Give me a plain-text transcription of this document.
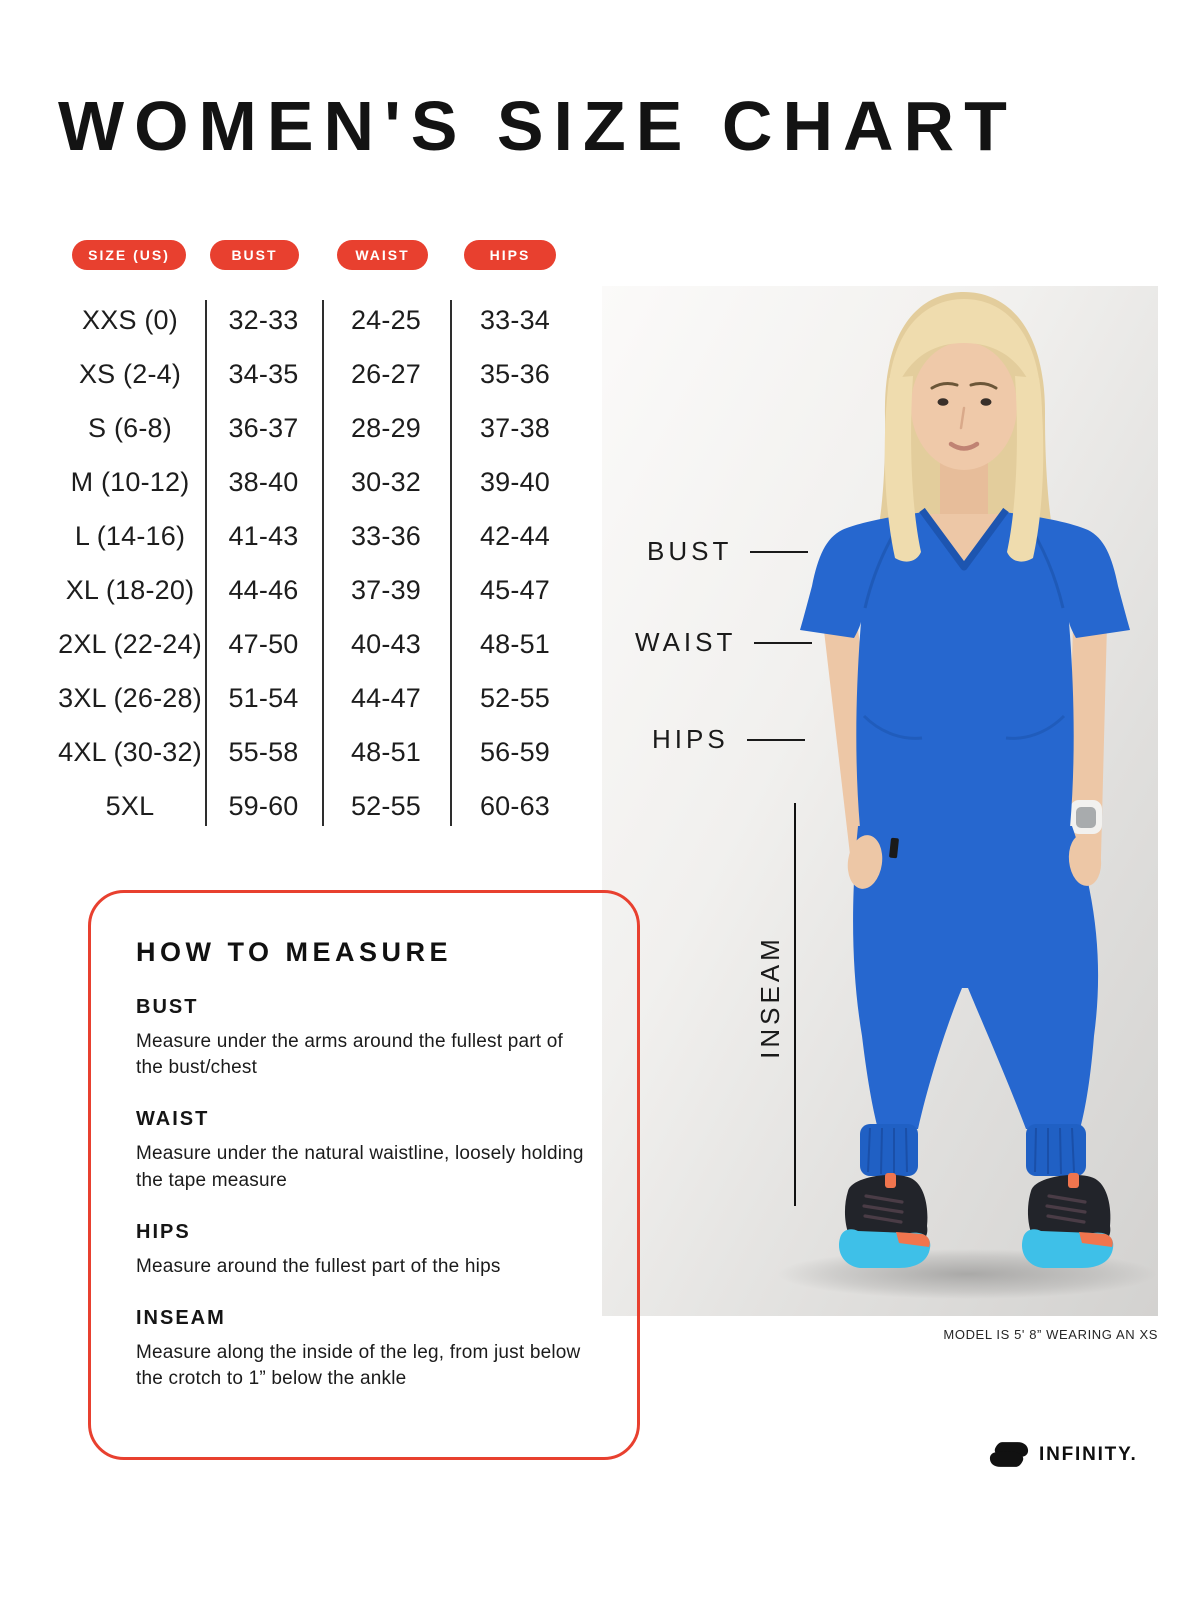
WOMEN'S SIZE CHART
SIZE (US)	BUST	WAIST	HIPS
XXS (0)	32-33	24-25	33-34
XS (2-4)	34-35	26-27	35-36
S (6-8)	36-37	28-29	37-38
M (10-12)	38-40	30-32	39-40
L (14-16)	41-43	33-36	42-44
XL (18-20)	44-46	37-39	45-47
2XL (22-24) 47-50	40-43	48-51
3XL (26-28) 51-54	44-47	52-55
4XL (30-32) 55-58	48-51	56-59
5XL	59-60	52-55	60-63
BUST
WAIST
HIPS
INSEAM
MODEL IS 5' 8” WEARING AN XS
HOW TO MEASURE

BUST

Measure under the arms around the fullest part of the bust/chest

WAIST

Measure under the natural waistline, loosely holding the tape measure

HIPS

Measure around the fullest part of the hips

INSEAM

Measure along the inside of the leg, from just below the crotch to 1” below the ankle

INFINITY.
